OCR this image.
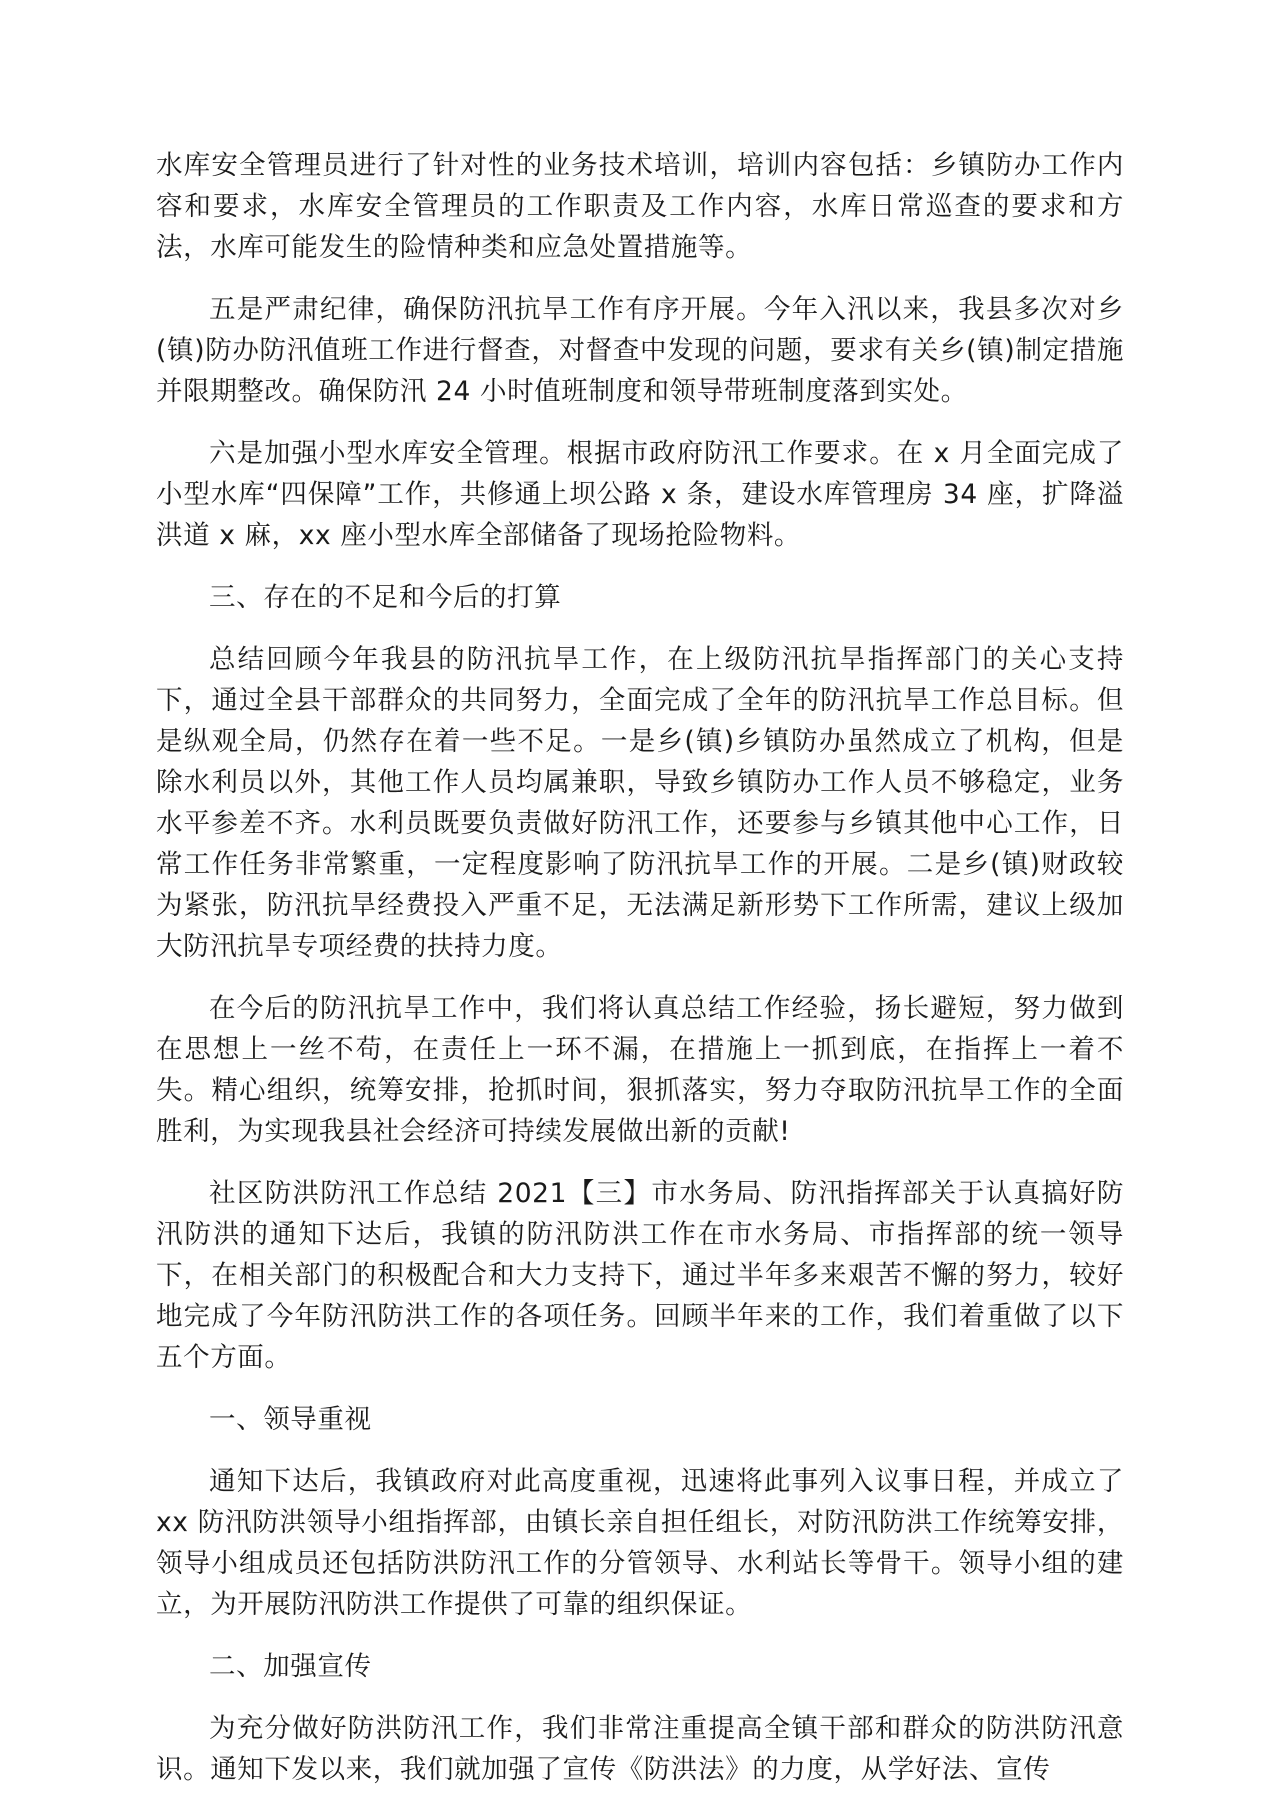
水库安全管理员进行了针对性的业务技术培训，培训内容包括：乡镇防办工作内容和要求，水库安全管理员的工作职责及工作内容，水库日常巡查的要求和方法，水库可能发生的险情种类和应急处置措施等。

五是严肃纪律，确保防汛抗旱工作有序开展。今年入汛以来，我县多次对乡(镇)防办防汛值班工作进行督查，对督查中发现的问题，要求有关乡(镇)制定措施并限期整改。确保防汛 24 小时值班制度和领导带班制度落到实处。

六是加强小型水库安全管理。根据市政府防汛工作要求。在 x 月全面完成了小型水库“四保障”工作，共修通上坝公路 x 条，建设水库管理房 34 座，扩降溢洪道 x 麻，xx 座小型水库全部储备了现场抢险物料。

三、存在的不足和今后的打算

总结回顾今年我县的防汛抗旱工作，在上级防汛抗旱指挥部门的关心支持下，通过全县干部群众的共同努力，全面完成了全年的防汛抗旱工作总目标。但是纵观全局，仍然存在着一些不足。一是乡(镇)乡镇防办虽然成立了机构，但是除水利员以外，其他工作人员均属兼职，导致乡镇防办工作人员不够稳定，业务水平参差不齐。水利员既要负责做好防汛工作，还要参与乡镇其他中心工作，日常工作任务非常繁重，一定程度影响了防汛抗旱工作的开展。二是乡(镇)财政较为紧张，防汛抗旱经费投入严重不足，无法满足新形势下工作所需，建议上级加大防汛抗旱专项经费的扶持力度。

在今后的防汛抗旱工作中，我们将认真总结工作经验，扬长避短，努力做到在思想上一丝不苟，在责任上一环不漏，在措施上一抓到底，在指挥上一着不失。精心组织，统筹安排，抢抓时间，狠抓落实，努力夺取防汛抗旱工作的全面胜利，为实现我县社会经济可持续发展做出新的贡献!

社区防洪防汛工作总结 2021【三】市水务局、防汛指挥部关于认真搞好防汛防洪的通知下达后，我镇的防汛防洪工作在市水务局、市指挥部的统一领导下，在相关部门的积极配合和大力支持下，通过半年多来艰苦不懈的努力，较好地完成了今年防汛防洪工作的各项任务。回顾半年来的工作，我们着重做了以下五个方面。

一、领导重视

通知下达后，我镇政府对此高度重视，迅速将此事列入议事日程，并成立了 xx 防汛防洪领导小组指挥部，由镇长亲自担任组长，对防汛防洪工作统筹安排，领导小组成员还包括防洪防汛工作的分管领导、水利站长等骨干。领导小组的建立，为开展防汛防洪工作提供了可靠的组织保证。

二、加强宣传

为充分做好防洪防汛工作，我们非常注重提高全镇干部和群众的防洪防汛意识。通知下发以来，我们就加强了宣传《防洪法》的力度，从学好法、宣传
